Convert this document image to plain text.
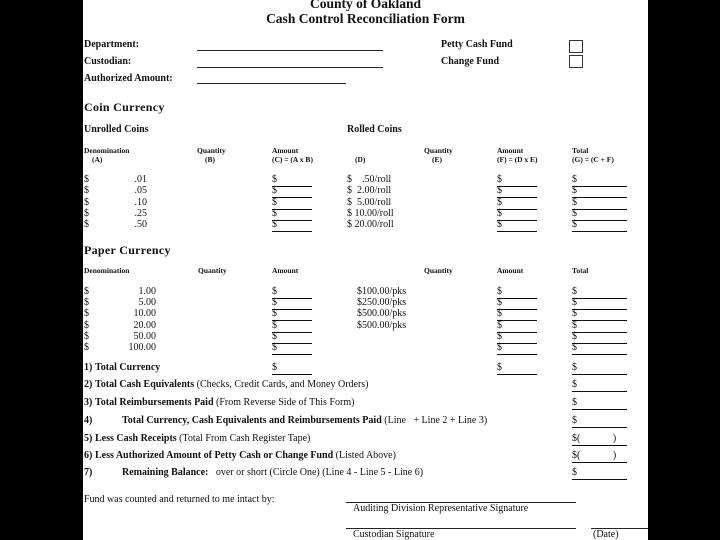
County of Oakland
Cash Control Reconciliation Form
Department:
Custodian:
Authorized Amount:
Petty Cash Fund
Change Fund
Coin Currency
Unrolled Coins	Rolled Coins
Denomination
(A)
Quantity
(B)
Amount
(C) = (A x B)	(D)
Quantity
(E)
Amount
(F) = (D x E)
Total
(G) = (C + F)
$	.01	$	$    .50/roll	$	$
$	.05	$	$  2.00/roll	$	$
$	.10	$	$  5.00/roll	$	$
$	.25	$	$ 10.00/roll	$	$
$	.50	$	$ 20.00/roll	$	$
Paper Currency
Denomination	Quantity	Amount	Quantity	Amount	Total
$	1.00	$	$100.00/pks	$	$
$	5.00	$	$250.00/pks	$	$
$	10.00	$	$500.00/pks	$	$
$	20.00	$	$500.00/pks	$	$
$	50.00	$	$	$
$	100.00	$	$	$
1) Total Currency	$	$	$
2) Total Cash Equivalents (Checks, Credit Cards, and Money Orders)	$
3) Total Reimbursements Paid (From Reverse Side of This Form)	$
4)	Total Currency, Cash Equivalents and Reimbursements Paid (Line   + Line 2 + Line 3)	$
5) Less Cash Receipts (Total From Cash Register Tape)	$(             )
6) Less Authorized Amount of Petty Cash or Change Fund (Listed Above)	$(             )
7)	Remaining Balance:   over or short (Circle One) (Line 4 - Line 5 - Line 6)	$
Fund was counted and returned to me intact by:
Auditing Division Representative Signature
Custodian Signature	(Date)
